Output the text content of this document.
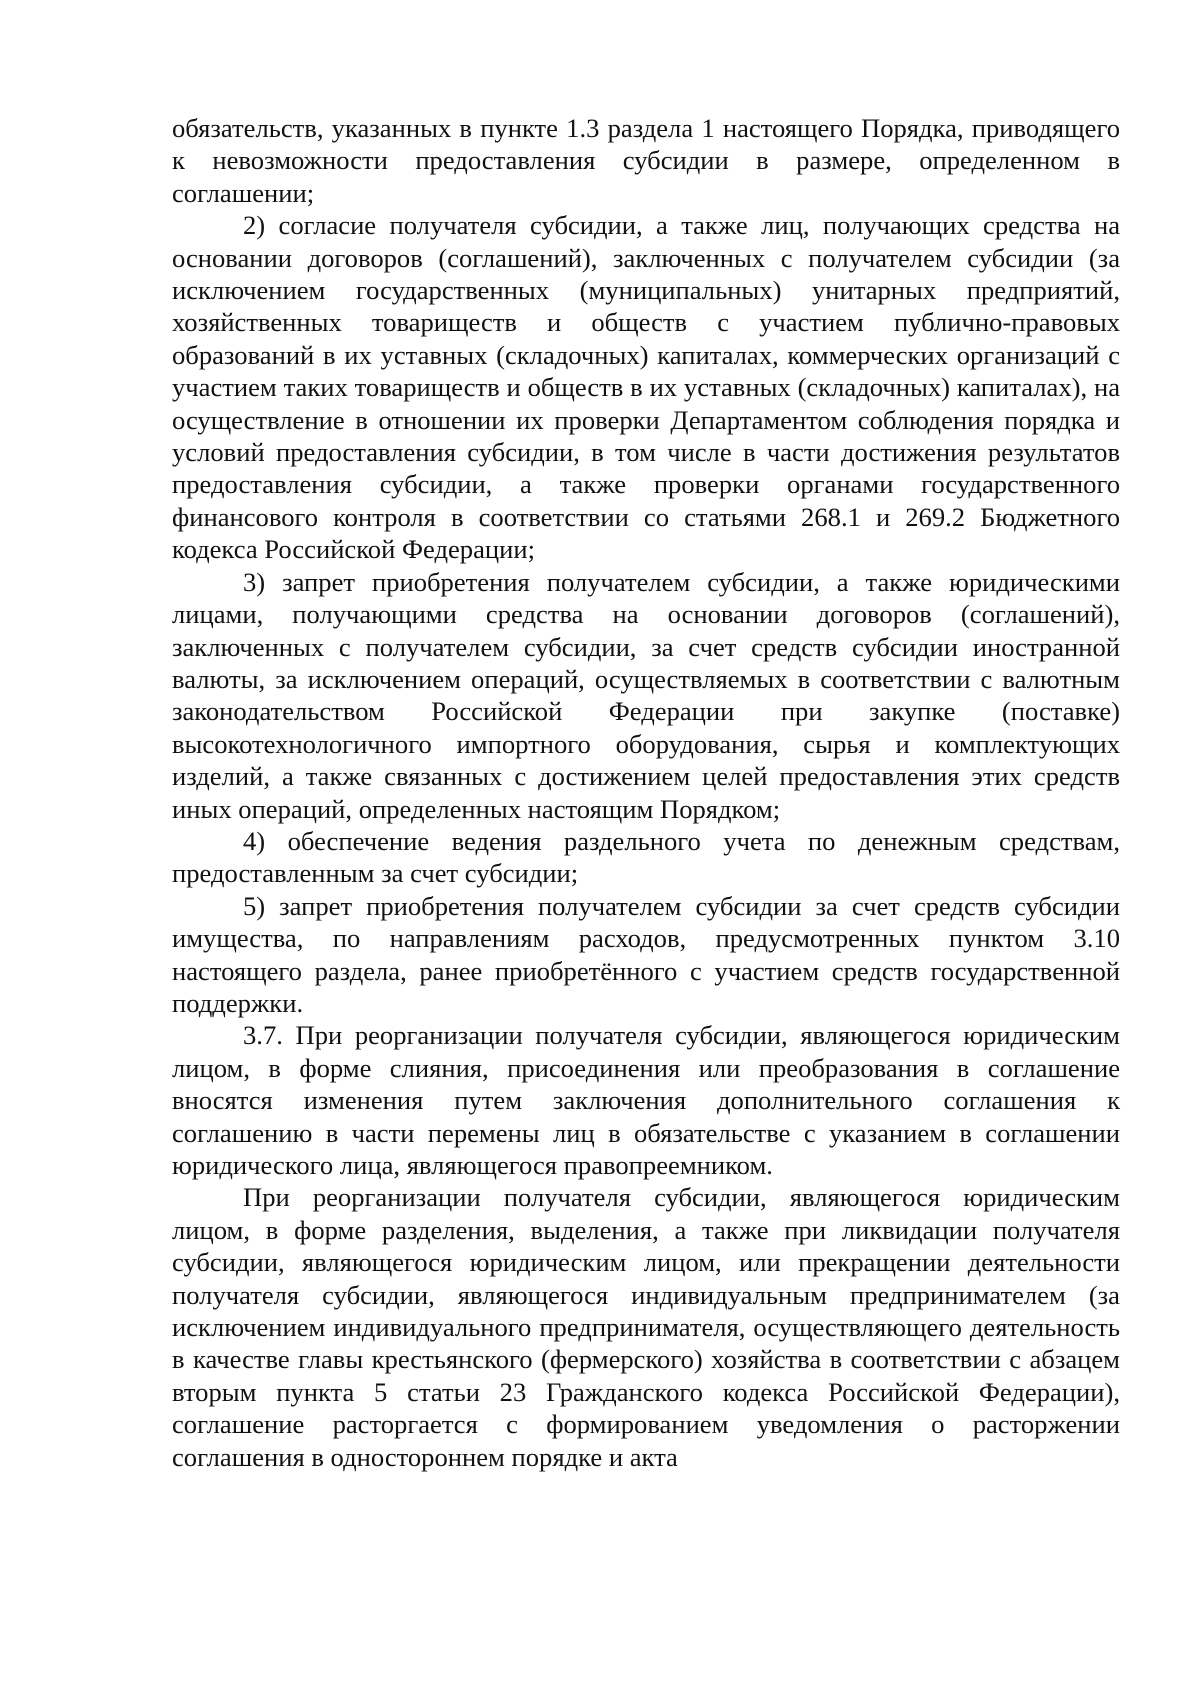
обязательств, указанных в пункте 1.3 раздела 1 настоящего Порядка, приводящего к невозможности предоставления субсидии в размере, определенном в соглашении;

2) согласие получателя субсидии, а также лиц, получающих средства на основании договоров (соглашений), заключенных с получателем субсидии (за исключением государственных (муниципальных) унитарных предприятий, хозяйственных товариществ и обществ с участием публично-правовых образований в их уставных (складочных) капиталах, коммерческих организаций с участием таких товариществ и обществ в их уставных (складочных) капиталах), на осуществление в отношении их проверки Департаментом соблюдения порядка и условий предоставления субсидии, в том числе в части достижения результатов предоставления субсидии, а также проверки органами государственного финансового контроля в соответствии со статьями 268.1 и 269.2 Бюджетного кодекса Российской Федерации;

3) запрет приобретения получателем субсидии, а также юридическими лицами, получающими средства на основании договоров (соглашений), заключенных с получателем субсидии, за счет средств субсидии иностранной валюты, за исключением операций, осуществляемых в соответствии с валютным законодательством Российской Федерации при закупке (поставке) высокотехнологичного импортного оборудования, сырья и комплектующих изделий, а также связанных с достижением целей предоставления этих средств иных операций, определенных настоящим Порядком;

4) обеспечение ведения раздельного учета по денежным средствам, предоставленным за счет субсидии;

5) запрет приобретения получателем субсидии за счет средств субсидии имущества, по направлениям расходов, предусмотренных пунктом 3.10 настоящего раздела, ранее приобретённого с участием средств государственной поддержки.

3.7. При реорганизации получателя субсидии, являющегося юридическим лицом, в форме слияния, присоединения или преобразования в соглашение вносятся изменения путем заключения дополнительного соглашения к соглашению в части перемены лиц в обязательстве с указанием в соглашении юридического лица, являющегося правопреемником.

При реорганизации получателя субсидии, являющегося юридическим лицом, в форме разделения, выделения, а также при ликвидации получателя субсидии, являющегося юридическим лицом, или прекращении деятельности получателя субсидии, являющегося индивидуальным предпринимателем (за исключением индивидуального предпринимателя, осуществляющего деятельность в качестве главы крестьянского (фермерского) хозяйства в соответствии с абзацем вторым пункта 5 статьи 23 Гражданского кодекса Российской Федерации), соглашение расторгается с формированием уведомления о расторжении соглашения в одностороннем порядке и акта
